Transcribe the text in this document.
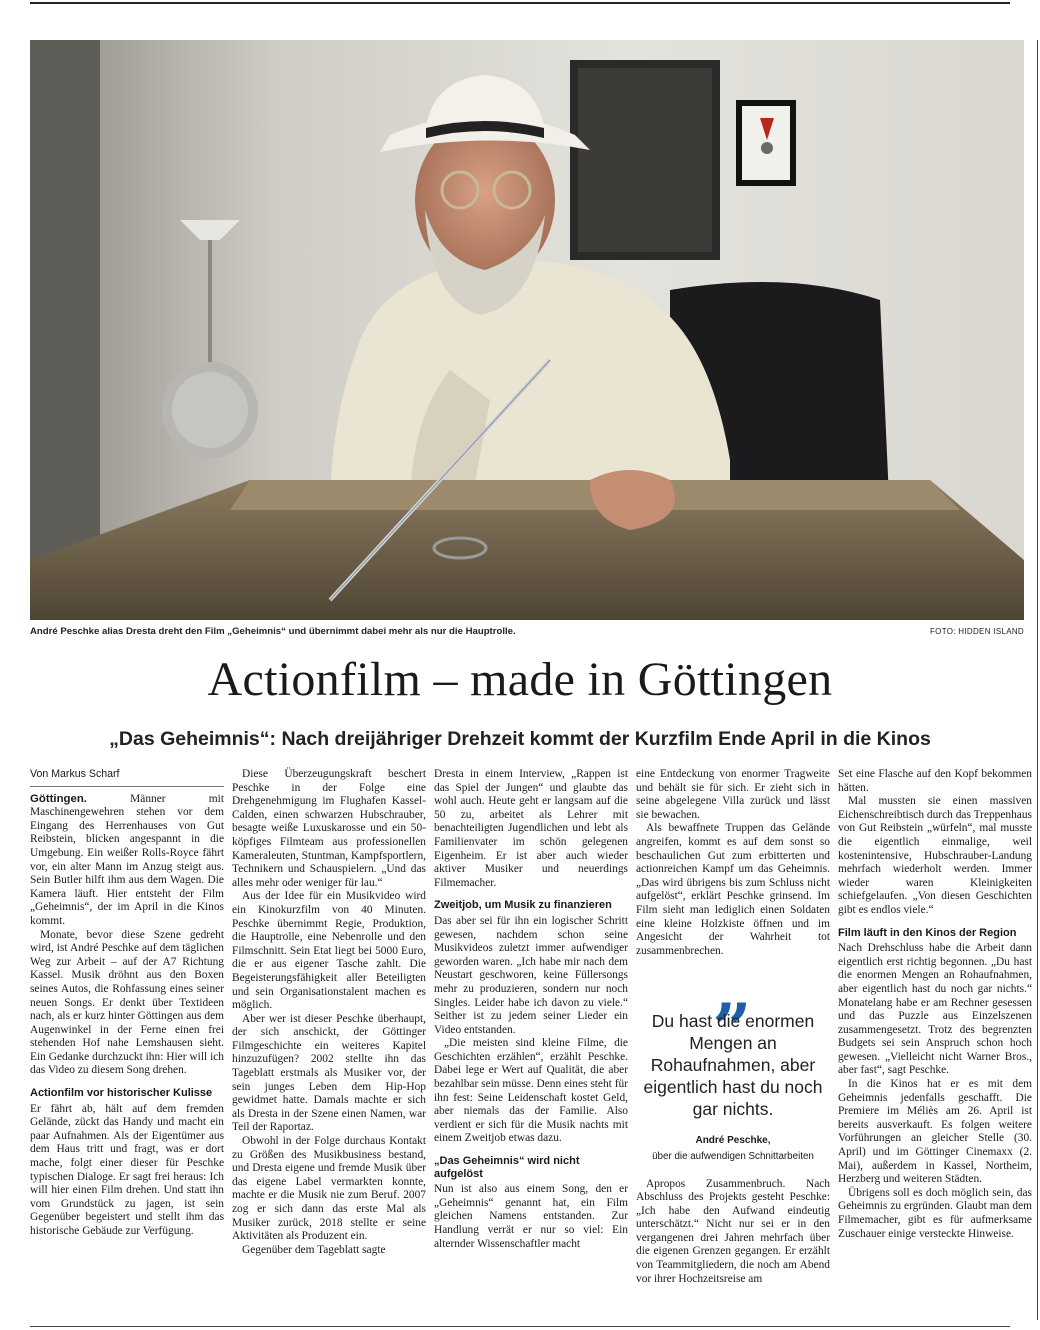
André Peschke alias Dresta dreht den Film „Geheimnis“ und übernimmt dabei mehr als nur die Hauptrolle.	FOTO: HIDDEN ISLAND
Actionfilm – made in Göttingen
„Das Geheimnis“: Nach dreijähriger Drehzeit kommt der Kurzfilm Ende April in die Kinos
Von Markus Scharf

Göttingen. Männer mit Maschinengewehren stehen vor dem Eingang des Herrenhauses von Gut Reibstein, blicken angespannt in die Umgebung. Ein weißer Rolls-Royce fährt vor, ein alter Mann im Anzug steigt aus. Sein Butler hilft ihm aus dem Wagen. Die Kamera läuft. Hier entsteht der Film „Geheimnis“, der im April in die Kinos kommt.

Monate, bevor diese Szene gedreht wird, ist André Peschke auf dem täglichen Weg zur Arbeit – auf der A7 Richtung Kassel. Musik dröhnt aus den Boxen seines Autos, die Rohfassung eines seiner neuen Songs. Er denkt über Textideen nach, als er kurz hinter Göttingen aus dem Augenwinkel in der Ferne einen frei stehenden Hof nahe Lemshausen sieht. Ein Gedanke durchzuckt ihn: Hier will ich das Video zu diesem Song drehen.

Actionfilm vor historischer Kulisse

Er fährt ab, hält auf dem fremden Gelände, zückt das Handy und macht ein paar Aufnahmen. Als der Eigentümer aus dem Haus tritt und fragt, was er dort mache, folgt einer dieser für Peschke typischen Dialoge. Er sagt frei heraus: Ich will hier einen Film drehen. Und statt ihn vom Grundstück zu jagen, ist sein Gegenüber begeistert und stellt ihm das historische Gebäude zur Verfügung.

Diese Überzeugungskraft beschert Peschke in der Folge eine Drehgenehmigung im Flughafen Kassel-Calden, einen schwarzen Hubschrauber, besagte weiße Luxuskarosse und ein 50-köpfiges Filmteam aus professionellen Kameraleuten, Stuntman, Kampfsportlern, Technikern und Schauspielern. „Und das alles mehr oder weniger für lau.“

Aus der Idee für ein Musikvideo wird ein Kinokurzfilm von 40 Minuten. Peschke übernimmt Regie, Produktion, die Hauptrolle, eine Nebenrolle und den Filmschnitt. Sein Etat liegt bei 5000 Euro, die er aus eigener Tasche zahlt. Die Begeisterungsfähigkeit aller Beteiligten und sein Organisationstalent machen es möglich.

Aber wer ist dieser Peschke überhaupt, der sich anschickt, der Göttinger Filmgeschichte ein weiteres Kapitel hinzuzufügen? 2002 stellte ihn das Tageblatt erstmals als Musiker vor, der sein junges Leben dem Hip-Hop gewidmet hatte. Damals machte er sich als Dresta in der Szene einen Namen, war Teil der Raportaz.

Obwohl in der Folge durchaus Kontakt zu Größen des Musikbusiness bestand, und Dresta eigene und fremde Musik über das eigene Label vermarkten konnte, machte er die Musik nie zum Beruf. 2007 zog er sich dann das erste Mal als Musiker zurück, 2018 stellte er seine Aktivitäten als Produzent ein.

Gegenüber dem Tageblatt sagte

Dresta in einem Interview, „Rappen ist das Spiel der Jungen“ und glaubte das wohl auch. Heute geht er langsam auf die 50 zu, arbeitet als Lehrer mit benachteiligten Jugendlichen und lebt als Familienvater im schön gelegenen Eigenheim. Er ist aber auch wieder aktiver Musiker und neuerdings Filmemacher.

Zweitjob, um Musik zu finanzieren

Das aber sei für ihn ein logischer Schritt gewesen, nachdem schon seine Musikvideos zuletzt immer aufwendiger geworden waren. „Ich habe mir nach dem Neustart geschworen, keine Füllersongs mehr zu produzieren, sondern nur noch Singles. Leider habe ich davon zu viele.“ Seither ist zu jedem seiner Lieder ein Video entstanden.

„Die meisten sind kleine Filme, die Geschichten erzählen“, erzählt Peschke. Dabei lege er Wert auf Qualität, die aber bezahlbar sein müsse. Denn eines steht für ihn fest: Seine Leidenschaft kostet Geld, aber niemals das der Familie. Also verdient er sich für die Musik nachts mit einem Zweitjob etwas dazu.

„Das Geheimnis“ wird nicht aufgelöst

Nun ist also aus einem Song, den er „Geheimnis“ genannt hat, ein Film gleichen Namens entstanden. Zur Handlung verrät er nur so viel: Ein alternder Wissenschaftler macht

eine Entdeckung von enormer Tragweite und behält sie für sich. Er zieht sich in seine abgelegene Villa zurück und lässt sie bewachen.

Als bewaffnete Truppen das Gelände angreifen, kommt es auf dem sonst so beschaulichen Gut zum erbitterten und actionreichen Kampf um das Geheimnis. „Das wird übrigens bis zum Schluss nicht aufgelöst“, erklärt Peschke grinsend. Im Film sieht man lediglich einen Soldaten eine kleine Holzkiste öffnen und im Angesicht der Wahrheit tot zusammenbrechen.

„
Du hast die enormen Mengen an Rohaufnahmen, aber eigentlich hast du noch gar nichts.
André Peschke,
über die aufwendigen Schnittarbeiten

Apropos Zusammenbruch. Nach Abschluss des Projekts gesteht Peschke: „Ich habe den Aufwand eindeutig unterschätzt.“ Nicht nur sei er in den vergangenen drei Jahren mehrfach über die eigenen Grenzen gegangen. Er erzählt von Teammitgliedern, die noch am Abend vor ihrer Hochzeitsreise am

Set eine Flasche auf den Kopf bekommen hätten.

Mal mussten sie einen massiven Eichenschreibtisch durch das Treppenhaus von Gut Reibstein „würfeln“, mal musste die eigentlich einmalige, weil kostenintensive, Hubschrauber-Landung mehrfach wiederholt werden. Immer wieder waren Kleinigkeiten schiefgelaufen. „Von diesen Geschichten gibt es endlos viele.“

Film läuft in den Kinos der Region

Nach Drehschluss habe die Arbeit dann eigentlich erst richtig begonnen. „Du hast die enormen Mengen an Rohaufnahmen, aber eigentlich hast du noch gar nichts.“ Monatelang habe er am Rechner gesessen und das Puzzle aus Einzelszenen zusammengesetzt. Trotz des begrenzten Budgets sei sein Anspruch schon hoch gewesen. „Vielleicht nicht Warner Bros., aber fast“, sagt Peschke.

In die Kinos hat er es mit dem Geheimnis jedenfalls geschafft. Die Premiere im Méliès am 26. April ist bereits ausverkauft. Es folgen weitere Vorführungen an gleicher Stelle (30. April) und im Göttinger Cinemaxx (2. Mai), außerdem in Kassel, Northeim, Herzberg und weiteren Städten.

Übrigens soll es doch möglich sein, das Geheimnis zu ergründen. Glaubt man dem Filmemacher, gibt es für aufmerksame Zuschauer einige versteckte Hinweise.
